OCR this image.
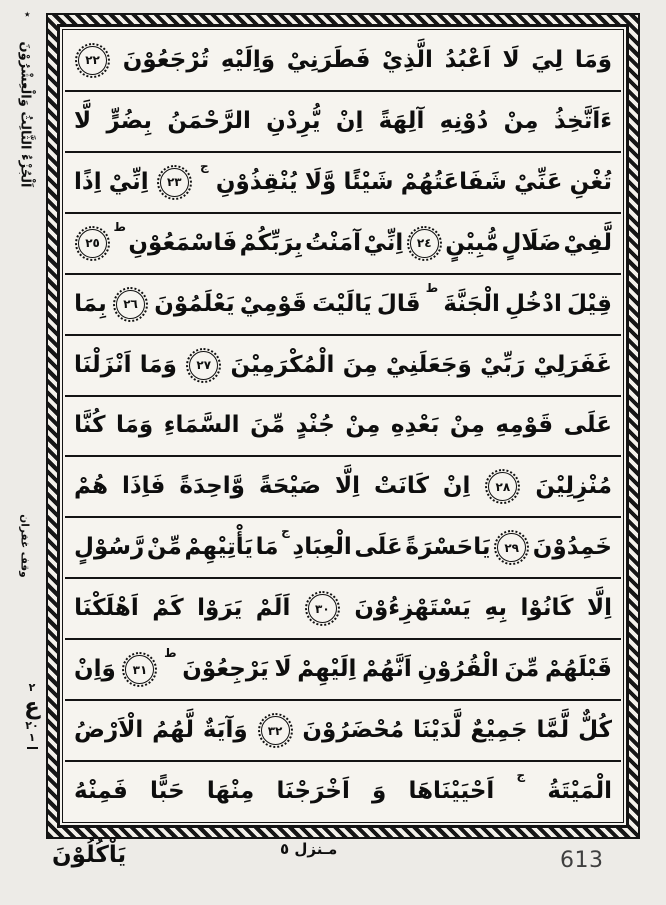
٭
اَلْجُزْءُ الثَّالِثُ وَالْعِشْرُوْنَ
وقف غفران
٢
ع
٢٠
١
وَمَا
لِيَ
لَا
اَعْبُدُ
الَّذِيْ
فَطَرَنِيْ
وَاِلَيْهِ
تُرْجَعُوْنَ
٢٢
ءَاَتَّخِذُ
مِنْ
دُوْنِهِ
آلِهَةً
اِنْ
يُّرِدْنِ
الرَّحْمَنُ
بِضُرٍّ
لَّا
تُغْنِ
عَنِّيْ
شَفَاعَتُهُمْ
شَيْئًا
وَّلَا
يُنْقِذُوْنِ
ج
٢٣
اِنِّيْ
اِذًا
لَّفِيْ
ضَلَالٍ
مُّبِيْنٍ
٢٤
اِنِّيْ
آمَنْتُ
بِرَبِّكُمْ
فَاسْمَعُوْنِ
ط
٢٥
قِيْلَ
ادْخُلِ
الْجَنَّةَ
ط
قَالَ
يَالَيْتَ
قَوْمِيْ
يَعْلَمُوْنَ
٢٦
بِمَا
غَفَرَلِيْ
رَبِّيْ
وَجَعَلَنِيْ
مِنَ
الْمُكْرَمِيْنَ
٢٧
وَمَا
اَنْزَلْنَا
عَلَى
قَوْمِهِ
مِنْ
بَعْدِهِ
مِنْ
جُنْدٍ
مِّنَ
السَّمَاءِ
وَمَا
كُنَّا
مُنْزِلِيْنَ
٢٨
اِنْ
كَانَتْ
اِلَّا
صَيْحَةً
وَّاحِدَةً
فَاِذَا
هُمْ
خَمِدُوْنَ
٢٩
يَاحَسْرَةً
عَلَى
الْعِبَادِ
ج
مَا
يَأْتِيْهِمْ
مِّنْ
رَّسُوْلٍ
اِلَّا
كَانُوْا
بِهِ
يَسْتَهْزِءُوْنَ
٣٠
اَلَمْ
يَرَوْا
كَمْ
اَهْلَكْنَا
قَبْلَهُمْ
مِّنَ
الْقُرُوْنِ
اَنَّهُمْ
اِلَيْهِمْ
لَا
يَرْجِعُوْنَ
ط
٣١
وَاِنْ
كُلٌّ
لَّمَّا
جَمِيْعٌ
لَّدَيْنَا
مُحْضَرُوْنَ
٣٢
وَآيَةٌ
لَّهُمُ
الْاَرْضُ
الْمَيْتَةُ
ج
اَحْيَيْنَاهَا
وَ
اَخْرَجْنَا
مِنْهَا
حَبًّا
فَمِنْهُ
يَاْكُلُوْنَ	مـنزل ٥	613
